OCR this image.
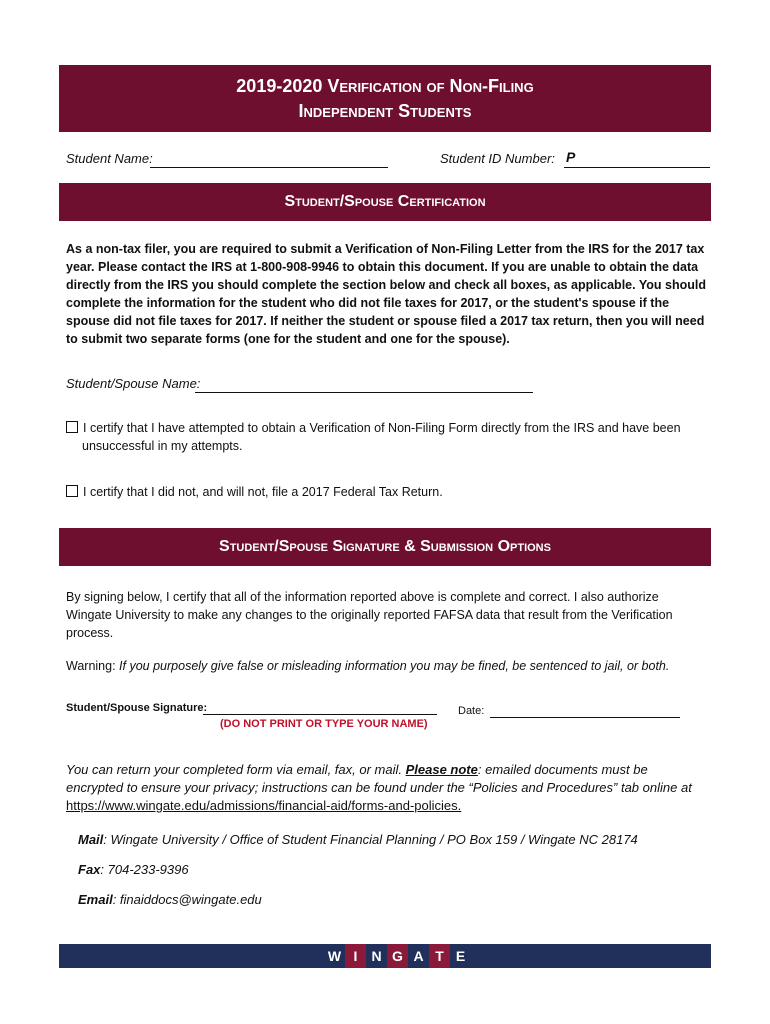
2019-2020 Verification of Non-Filing
Independent Students
Student Name:	Student ID Number: P
Student/Spouse Certification
As a non-tax filer, you are required to submit a Verification of Non-Filing Letter from the IRS for the 2017 tax year. Please contact the IRS at 1-800-908-9946 to obtain this document. If you are unable to obtain the data directly from the IRS you should complete the section below and check all boxes, as applicable. You should complete the information for the student who did not file taxes for 2017, or the student's spouse if the spouse did not file taxes for 2017. If neither the student or spouse filed a 2017 tax return, then you will need to submit two separate forms (one for the student and one for the spouse).
Student/Spouse Name:
I certify that I have attempted to obtain a Verification of Non-Filing Form directly from the IRS and have been
unsuccessful in my attempts.
I certify that I did not, and will not, file a 2017 Federal Tax Return.
Student/Spouse Signature & Submission Options
By signing below, I certify that all of the information reported above is complete and correct. I also authorize Wingate University to make any changes to the originally reported FAFSA data that result from the Verification process.
Warning: If you purposely give false or misleading information you may be fined, be sentenced to jail, or both.
Student/Spouse Signature:
(DO NOT PRINT OR TYPE YOUR NAME)
Date:
You can return your completed form via email, fax, or mail. Please note: emailed documents must be encrypted to ensure your privacy; instructions can be found under the “Policies and Procedures” tab online at https://www.wingate.edu/admissions/financial-aid/forms-and-policies.
Mail: Wingate University / Office of Student Financial Planning / PO Box 159 / Wingate NC 28174
Fax: 704-233-9396
Email: finaiddocs@wingate.edu
W I	N G A T E
